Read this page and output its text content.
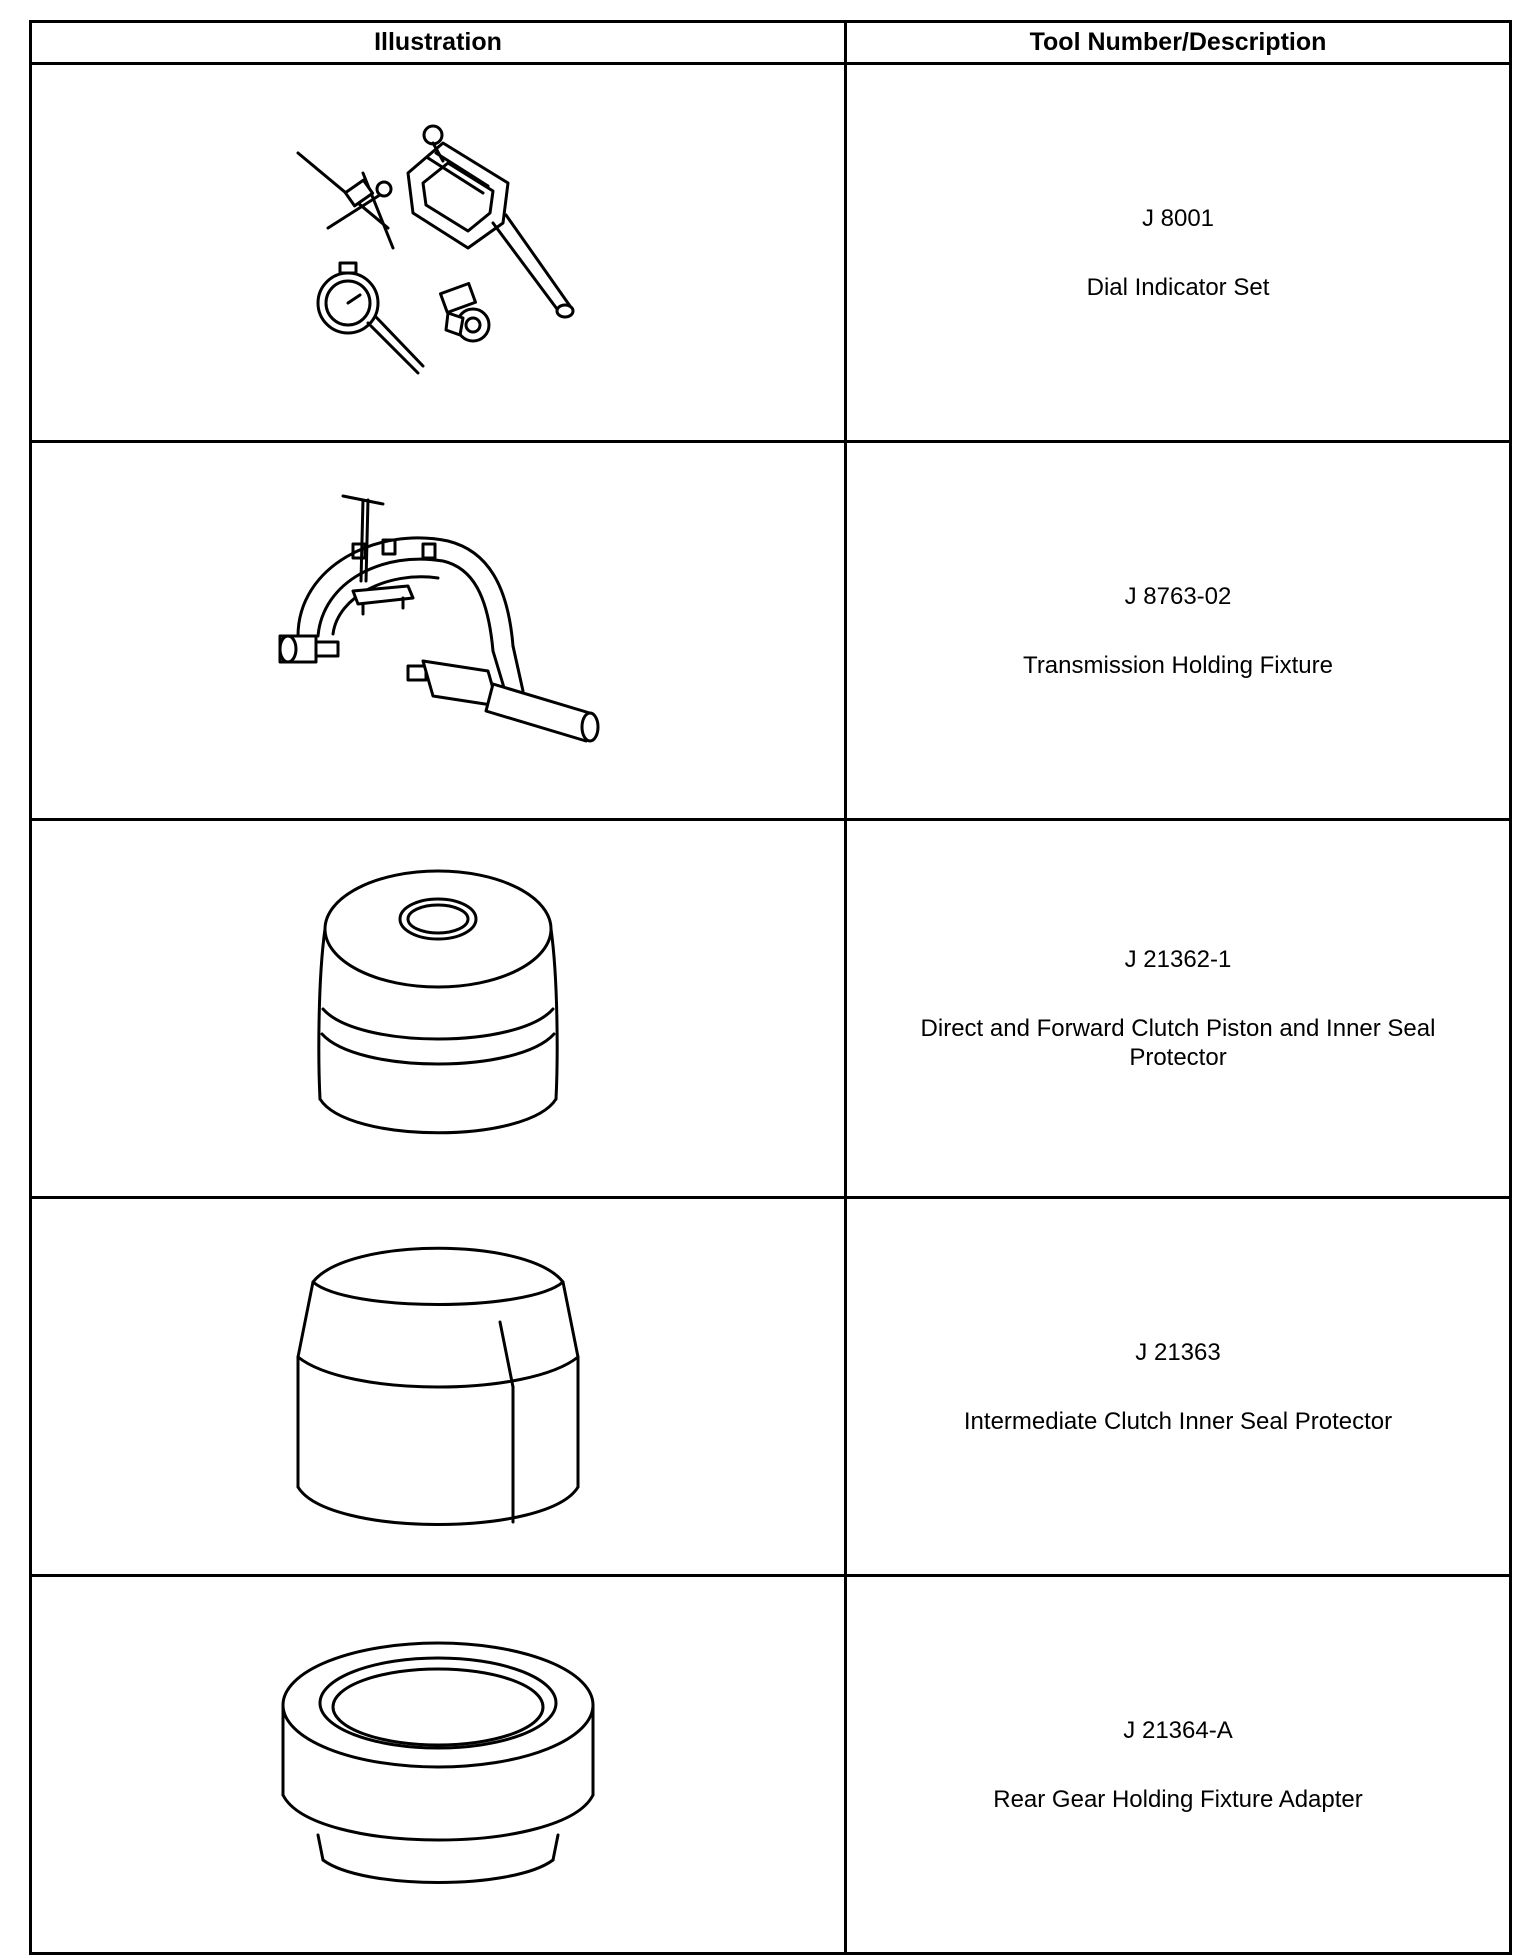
Illustration	Tool Number/Description

J 8001
Dial Indicator Set

J 8763-02
Transmission Holding Fixture

J 21362-1
Direct and Forward Clutch Piston and Inner Seal Protector

J 21363
Intermediate Clutch Inner Seal Protector

J 21364-A
Rear Gear Holding Fixture Adapter
